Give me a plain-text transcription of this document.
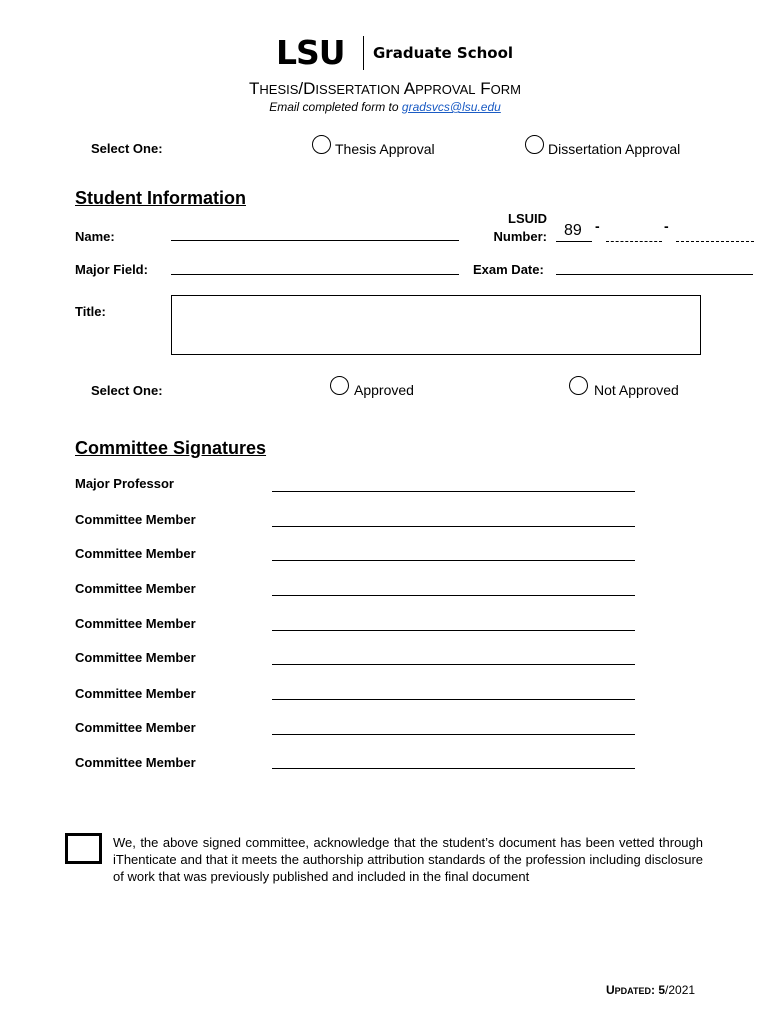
LSU Graduate School
THESIS/DISSERTATION APPROVAL FORM
Email completed form to gradsvcs@lsu.edu
Select One:	Thesis Approval	Dissertation Approval
Student Information
Name:
LSUID
Number: 89 -	-
Major Field:	Exam Date:
Title:
Select One:	Approved	Not Approved
Committee Signatures
Major Professor
Committee Member
Committee Member
Committee Member
Committee Member
Committee Member
Committee Member
Committee Member
Committee Member
We, the above signed committee, acknowledge that the student’s document has been vetted through iThenticate and that it meets the authorship attribution standards of the profession including disclosure of work that was previously published and included in the final document
UPDATED: 5/2021
